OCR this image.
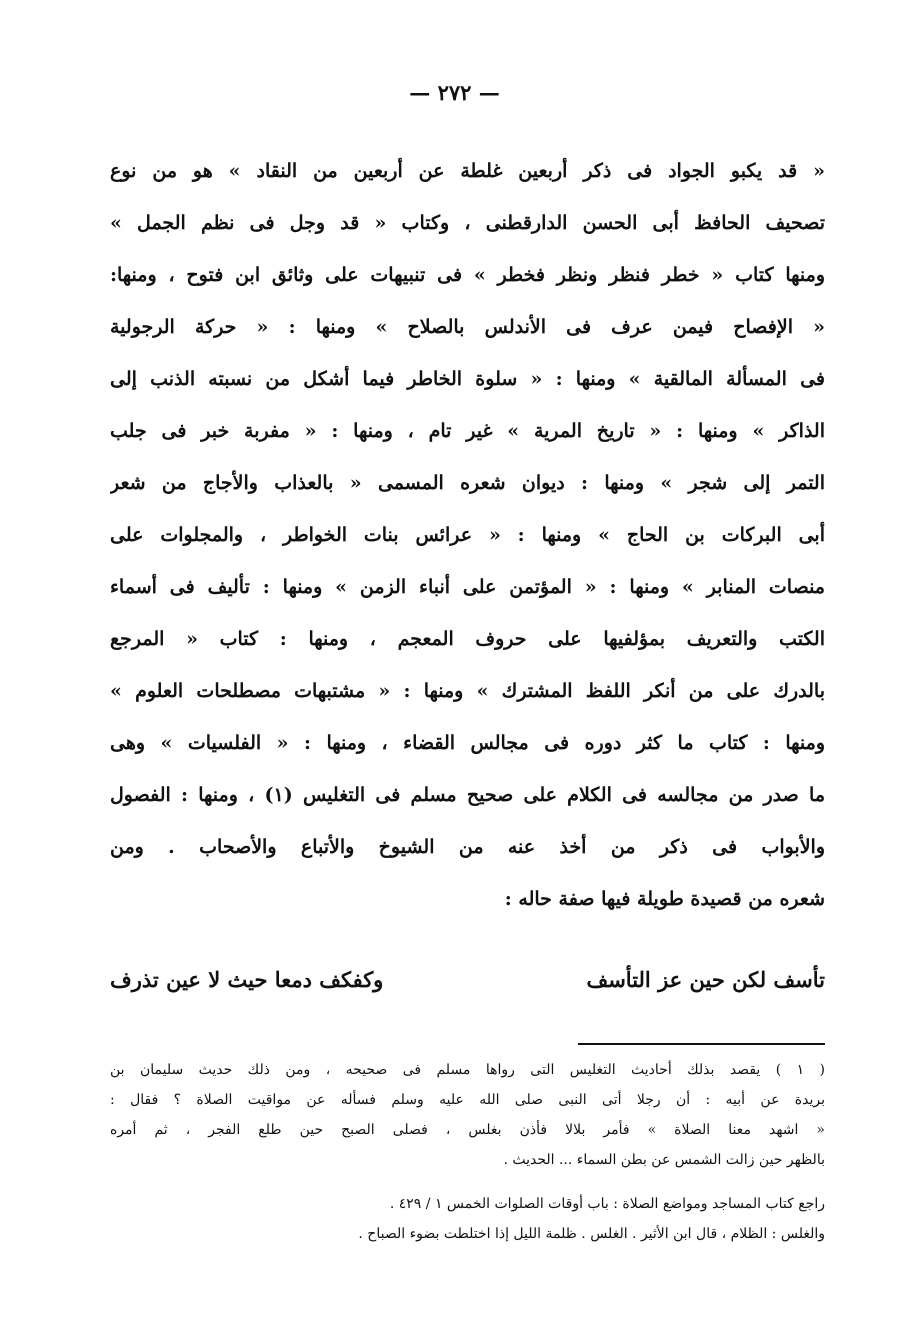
— ٢٧٢ —
« قد يكبو الجواد فى ذكر أربعين غلطة عن أربعين من النقاد » هو من نوع
تصحيف الحافظ أبى الحسن الدارقطنى ، وكتاب « قد وجل فى نظم الجمل »
ومنها كتاب « خطر فنظر ونظر فخطر » فى تنبيهات على وثائق ابن فتوح ، ومنها:
« الإفصاح فيمن عرف فى الأندلس بالصلاح » ومنها : « حركة الرجولية
فى المسألة المالقية » ومنها : « سلوة الخاطر فيما أشكل من نسبته الذنب إلى
الذاكر » ومنها : « تاريخ المرية » غير تام ، ومنها : « مفربة خبر فى جلب
التمر إلى شجر » ومنها : ديوان شعره المسمى « بالعذاب والأجاج من شعر
أبى البركات بن الحاج » ومنها : « عرائس بنات الخواطر ، والمجلوات على
منصات المنابر » ومنها : « المؤتمن على أنباء الزمن » ومنها : تأليف فى أسماء
الكتب والتعريف بمؤلفيها على حروف المعجم ، ومنها : كتاب « المرجع
بالدرك على من أنكر اللفظ المشترك » ومنها : « مشتبهات مصطلحات العلوم »
ومنها : كتاب ما كثر دوره فى مجالس القضاء ، ومنها : « الفلسيات » وهى
ما صدر من مجالسه فى الكلام على صحيح مسلم فى التغليس (١) ، ومنها : الفصول
والأبواب فى ذكر من أخذ عنه من الشيوخ والأتباع والأصحاب . ومن
شعره من قصيدة طويلة فيها صفة حاله :
تأسف لكن حين عز التأسف
وكفكف دمعا حيث لا عين تذرف
( ١ ) يقصد بذلك أحاديث التغليس التى رواها مسلم فى صحيحه ، ومن ذلك حديث سليمان بن
بريدة عن أبيه : أن رجلا أتى النبى صلى الله عليه وسلم فسأله عن مواقيت الصلاة ؟ فقال :
« اشهد معنا الصلاة » فأمر بلالا فأذن بغلس ، فصلى الصبح حين طلع الفجر ، ثم أمره
بالظهر حين زالت الشمس عن بطن السماء ... الحديث .
راجع كتاب المساجد ومواضع الصلاة : باب أوقات الصلوات الخمس ١ / ٤٢٩ .
والغلس : الظلام ، قال ابن الأثير . الغلس . ظلمة الليل إذا اختلطت بضوء الصباح .
